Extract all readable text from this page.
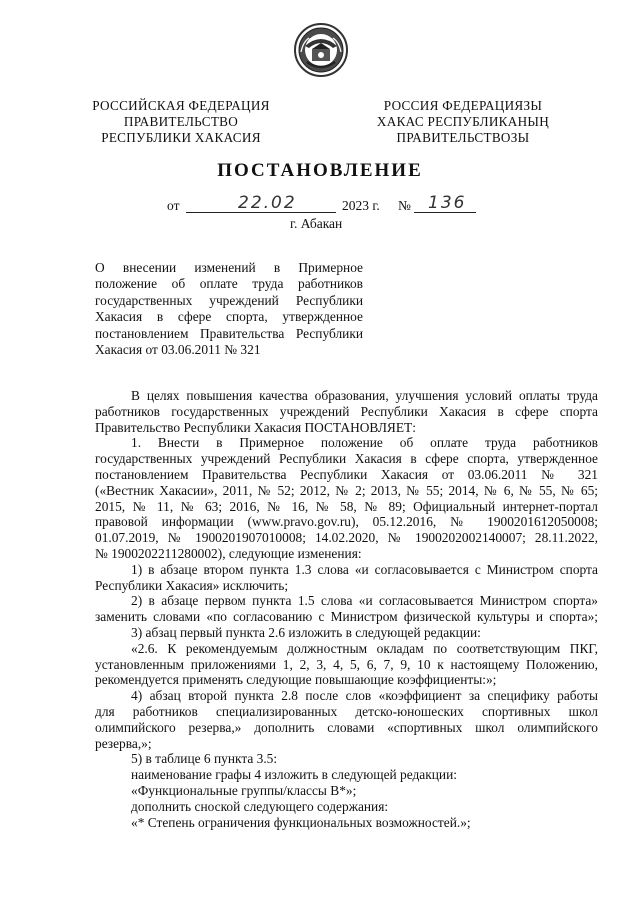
РОССИЙСКАЯ ФЕДЕРАЦИЯ
ПРАВИТЕЛЬСТВО
РЕСПУБЛИКИ ХАКАСИЯ
РОССИЯ ФЕДЕРАЦИЯЗЫ
ХАКАС РЕСПУБЛИКАНЫҢ
ПРАВИТЕЛЬСТВОЗЫ
ПОСТАНОВЛЕНИЕ
от	22.02	2023 г. № 136
г. Абакан
О внесении изменений в Примерное
положение об оплате труда работников
государственных учреждений Республики
Хакасия в сфере спорта, утвержденное
постановлением Правительства Республики
Хакасия от 03.06.2011 № 321
В целях повышения качества образования, улучшения условий оплаты труда
работников государственных учреждений Республики Хакасия в сфере спорта
Правительство Республики Хакасия ПОСТАНОВЛЯЕТ:
1. Внести в Примерное положение об оплате труда работников
государственных учреждений Республики Хакасия в сфере спорта, утвержденное
постановлением Правительства Республики Хакасия от 03.06.2011 № 321
(«Вестник Хакасии», 2011, № 52; 2012, № 2; 2013, № 55; 2014, № 6, № 55, № 65;
2015, № 11, № 63; 2016, № 16, № 58, № 89; Официальный интернет-портал
правовой информации (www.pravo.gov.ru), 05.12.2016, № 1900201612050008;
01.07.2019, № 1900201907010008; 14.02.2020, № 1900202002140007; 28.11.2022,
№ 1900202211280002), следующие изменения:
1) в абзаце втором пункта 1.3 слова «и согласовывается с Министром спорта
Республики Хакасия» исключить;
2) в абзаце первом пункта 1.5 слова «и согласовывается Министром спорта»
заменить словами «по согласованию с Министром физической культуры и спорта»;
3) абзац первый пункта 2.6 изложить в следующей редакции:
«2.6. К рекомендуемым должностным окладам по соответствующим ПКГ,
установленным приложениями 1, 2, 3, 4, 5, 6, 7, 9, 10 к настоящему Положению,
рекомендуется применять следующие повышающие коэффициенты:»;
4) абзац второй пункта 2.8 после слов «коэффициент за специфику работы
для работников специализированных детско-юношеских спортивных школ
олимпийского резерва,» дополнить словами «спортивных школ олимпийского
резерва,»;
5) в таблице 6 пункта 3.5:
наименование графы 4 изложить в следующей редакции:
«Функциональные группы/классы В*»;
дополнить сноской следующего содержания:
«* Степень ограничения функциональных возможностей.»;
